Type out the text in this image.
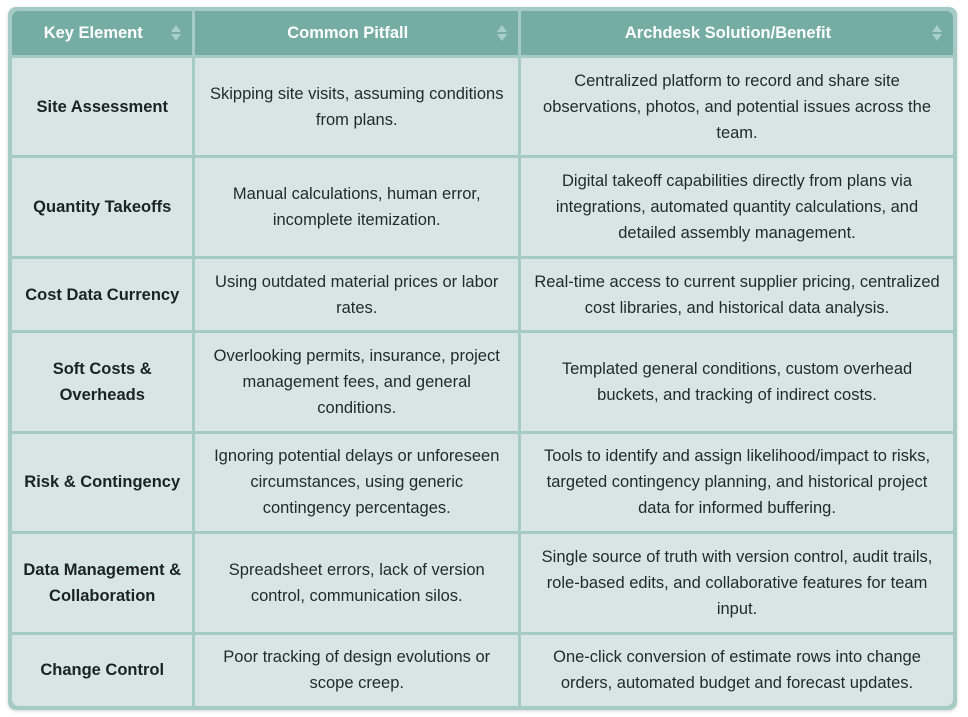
Key Element	Common Pitfall	Archdesk Solution/Benefit

Site Assessment	Skipping site visits, assuming conditions from plans.	Centralized platform to record and share site observations, photos, and potential issues across the team.
Quantity Takeoffs	Manual calculations, human error, incomplete itemization.	Digital takeoff capabilities directly from plans via integrations, automated quantity calculations, and detailed assembly management.
Cost Data Currency	Using outdated material prices or labor rates.	Real-time access to current supplier pricing, centralized cost libraries, and historical data analysis.
Soft Costs & Overheads	Overlooking permits, insurance, project management fees, and general conditions.	Templated general conditions, custom overhead buckets, and tracking of indirect costs.
Risk & Contingency	Ignoring potential delays or unforeseen circumstances, using generic contingency percentages.	Tools to identify and assign likelihood/impact to risks, targeted contingency planning, and historical project data for informed buffering.
Data Management & Collaboration	Spreadsheet errors, lack of version control, communication silos.	Single source of truth with version control, audit trails, role-based edits, and collaborative features for team input.
Change Control	Poor tracking of design evolutions or scope creep.	One-click conversion of estimate rows into change orders, automated budget and forecast updates.
